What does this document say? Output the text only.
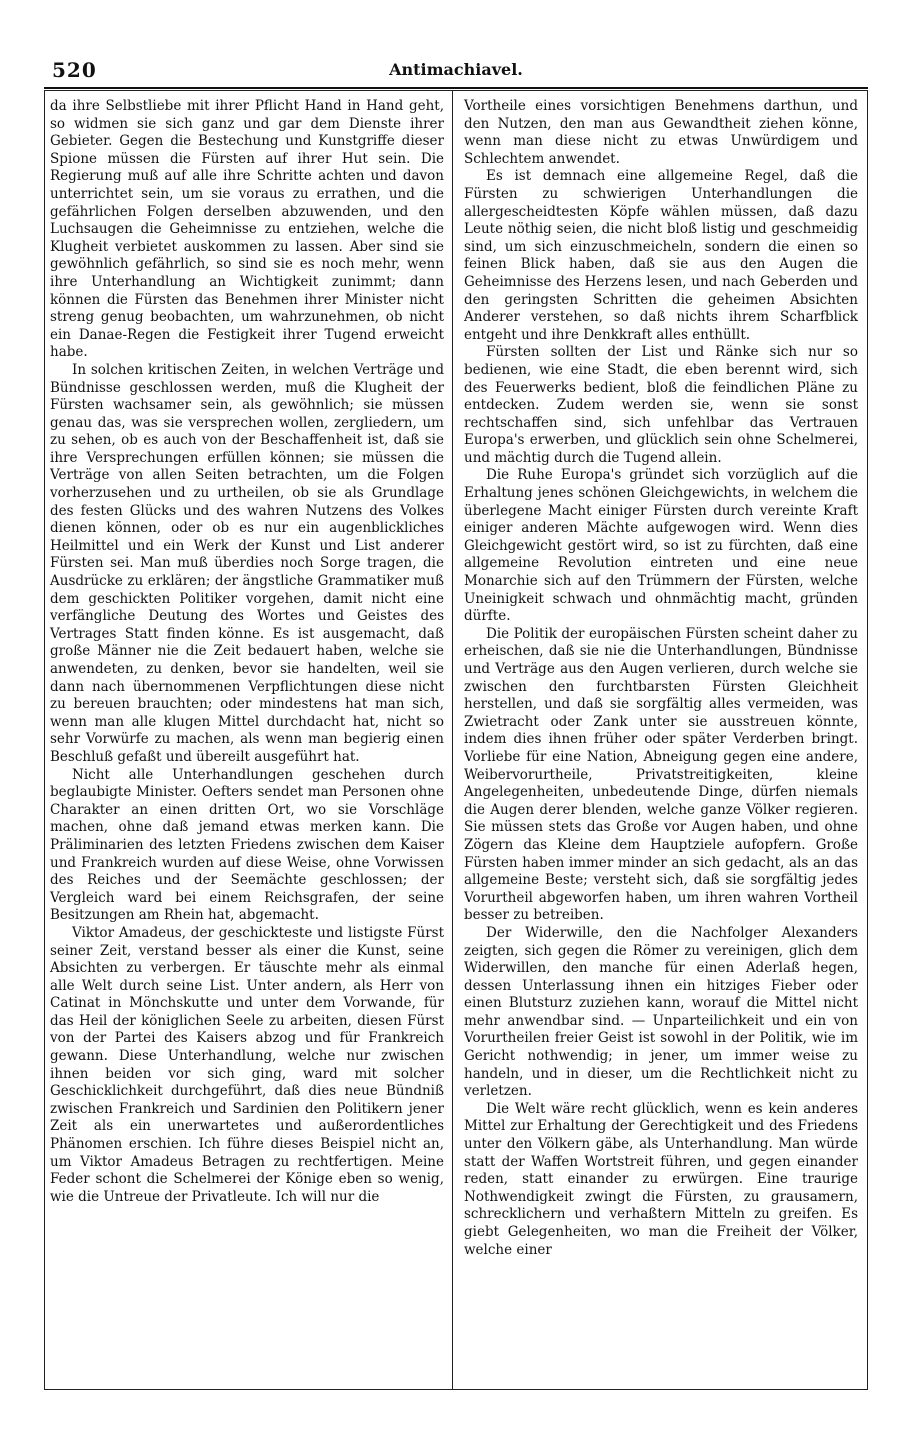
520	Antimachiavel.

da ihre Selbstliebe mit ihrer Pflicht Hand in Hand geht, so widmen sie sich ganz und gar dem Dienste ihrer Gebieter. Gegen die Bestechung und Kunstgriffe dieser Spione müssen die Fürsten auf ihrer Hut sein. Die Regierung muß auf alle ihre Schritte achten und davon unterrichtet sein, um sie voraus zu errathen, und die gefährlichen Folgen derselben abzuwenden, und den Luchsaugen die Geheimnisse zu entziehen, welche die Klugheit verbietet auskommen zu lassen. Aber sind sie gewöhnlich gefährlich, so sind sie es noch mehr, wenn ihre Unterhandlung an Wichtigkeit zunimmt; dann können die Fürsten das Benehmen ihrer Minister nicht streng genug beobachten, um wahrzunehmen, ob nicht ein Danae-Regen die Festigkeit ihrer Tugend erweicht habe.

In solchen kritischen Zeiten, in welchen Verträge und Bündnisse geschlossen werden, muß die Klugheit der Fürsten wachsamer sein, als gewöhnlich; sie müssen genau das, was sie versprechen wollen, zergliedern, um zu sehen, ob es auch von der Beschaffenheit ist, daß sie ihre Versprechungen erfüllen können; sie müssen die Verträge von allen Seiten betrachten, um die Folgen vorherzusehen und zu urtheilen, ob sie als Grundlage des festen Glücks und des wahren Nutzens des Volkes dienen können, oder ob es nur ein augenblickliches Heilmittel und ein Werk der Kunst und List anderer Fürsten sei. Man muß überdies noch Sorge tragen, die Ausdrücke zu erklären; der ängstliche Grammatiker muß dem geschickten Politiker vorgehen, damit nicht eine verfängliche Deutung des Wortes und Geistes des Vertrages Statt finden könne. Es ist ausgemacht, daß große Männer nie die Zeit bedauert haben, welche sie anwendeten, zu denken, bevor sie handelten, weil sie dann nach übernommenen Verpflichtungen diese nicht zu bereuen brauchten; oder mindestens hat man sich, wenn man alle klugen Mittel durchdacht hat, nicht so sehr Vorwürfe zu machen, als wenn man begierig einen Beschluß gefaßt und übereilt ausgeführt hat.

Nicht alle Unterhandlungen geschehen durch beglaubigte Minister. Oefters sendet man Personen ohne Charakter an einen dritten Ort, wo sie Vorschläge machen, ohne daß jemand etwas merken kann. Die Präliminarien des letzten Friedens zwischen dem Kaiser und Frankreich wurden auf diese Weise, ohne Vorwissen des Reiches und der Seemächte geschlossen; der Vergleich ward bei einem Reichsgrafen, der seine Besitzungen am Rhein hat, abgemacht.

Viktor Amadeus, der geschickteste und listigste Fürst seiner Zeit, verstand besser als einer die Kunst, seine Absichten zu verbergen. Er täuschte mehr als einmal alle Welt durch seine List. Unter andern, als Herr von Catinat in Mönchskutte und unter dem Vorwande, für das Heil der königlichen Seele zu arbeiten, diesen Fürst von der Partei des Kaisers abzog und für Frankreich gewann. Diese Unterhandlung, welche nur zwischen ihnen beiden vor sich ging, ward mit solcher Geschicklichkeit durchgeführt, daß dies neue Bündniß zwischen Frankreich und Sardinien den Politikern jener Zeit als ein unerwartetes und außerordentliches Phänomen erschien. Ich führe dieses Beispiel nicht an, um Viktor Amadeus Betragen zu rechtfertigen. Meine Feder schont die Schelmerei der Könige eben so wenig, wie die Untreue der Privatleute. Ich will nur die

Vortheile eines vorsichtigen Benehmens darthun, und den Nutzen, den man aus Gewandtheit ziehen könne, wenn man diese nicht zu etwas Unwürdigem und Schlechtem anwendet.

Es ist demnach eine allgemeine Regel, daß die Fürsten zu schwierigen Unterhandlungen die allergescheidtesten Köpfe wählen müssen, daß dazu Leute nöthig seien, die nicht bloß listig und geschmeidig sind, um sich einzuschmeicheln, sondern die einen so feinen Blick haben, daß sie aus den Augen die Geheimnisse des Herzens lesen, und nach Geberden und den geringsten Schritten die geheimen Absichten Anderer verstehen, so daß nichts ihrem Scharfblick entgeht und ihre Denkkraft alles enthüllt.

Fürsten sollten der List und Ränke sich nur so bedienen, wie eine Stadt, die eben berennt wird, sich des Feuerwerks bedient, bloß die feindlichen Pläne zu entdecken. Zudem werden sie, wenn sie sonst rechtschaffen sind, sich unfehlbar das Vertrauen Europa's erwerben, und glücklich sein ohne Schelmerei, und mächtig durch die Tugend allein.

Die Ruhe Europa's gründet sich vorzüglich auf die Erhaltung jenes schönen Gleichgewichts, in welchem die überlegene Macht einiger Fürsten durch vereinte Kraft einiger anderen Mächte aufgewogen wird. Wenn dies Gleichgewicht gestört wird, so ist zu fürchten, daß eine allgemeine Revolution eintreten und eine neue Monarchie sich auf den Trümmern der Fürsten, welche Uneinigkeit schwach und ohnmächtig macht, gründen dürfte.

Die Politik der europäischen Fürsten scheint daher zu erheischen, daß sie nie die Unterhandlungen, Bündnisse und Verträge aus den Augen verlieren, durch welche sie zwischen den furchtbarsten Fürsten Gleichheit herstellen, und daß sie sorgfältig alles vermeiden, was Zwietracht oder Zank unter sie ausstreuen könnte, indem dies ihnen früher oder später Verderben bringt. Vorliebe für eine Nation, Abneigung gegen eine andere, Weibervorurtheile, Privatstreitigkeiten, kleine Angelegenheiten, unbedeutende Dinge, dürfen niemals die Augen derer blenden, welche ganze Völker regieren. Sie müssen stets das Große vor Augen haben, und ohne Zögern das Kleine dem Hauptziele aufopfern. Große Fürsten haben immer minder an sich gedacht, als an das allgemeine Beste; versteht sich, daß sie sorgfältig jedes Vorurtheil abgeworfen haben, um ihren wahren Vortheil besser zu betreiben.

Der Widerwille, den die Nachfolger Alexanders zeigten, sich gegen die Römer zu vereinigen, glich dem Widerwillen, den manche für einen Aderlaß hegen, dessen Unterlassung ihnen ein hitziges Fieber oder einen Blutsturz zuziehen kann, worauf die Mittel nicht mehr anwendbar sind. — Unparteilichkeit und ein von Vorurtheilen freier Geist ist sowohl in der Politik, wie im Gericht nothwendig; in jener, um immer weise zu handeln, und in dieser, um die Rechtlichkeit nicht zu verletzen.

Die Welt wäre recht glücklich, wenn es kein anderes Mittel zur Erhaltung der Gerechtigkeit und des Friedens unter den Völkern gäbe, als Unterhandlung. Man würde statt der Waffen Wortstreit führen, und gegen einander reden, statt einander zu erwürgen. Eine traurige Nothwendigkeit zwingt die Fürsten, zu grausamern, schrecklichern und verhaßtern Mitteln zu greifen. Es giebt Gelegenheiten, wo man die Freiheit der Völker, welche einer
